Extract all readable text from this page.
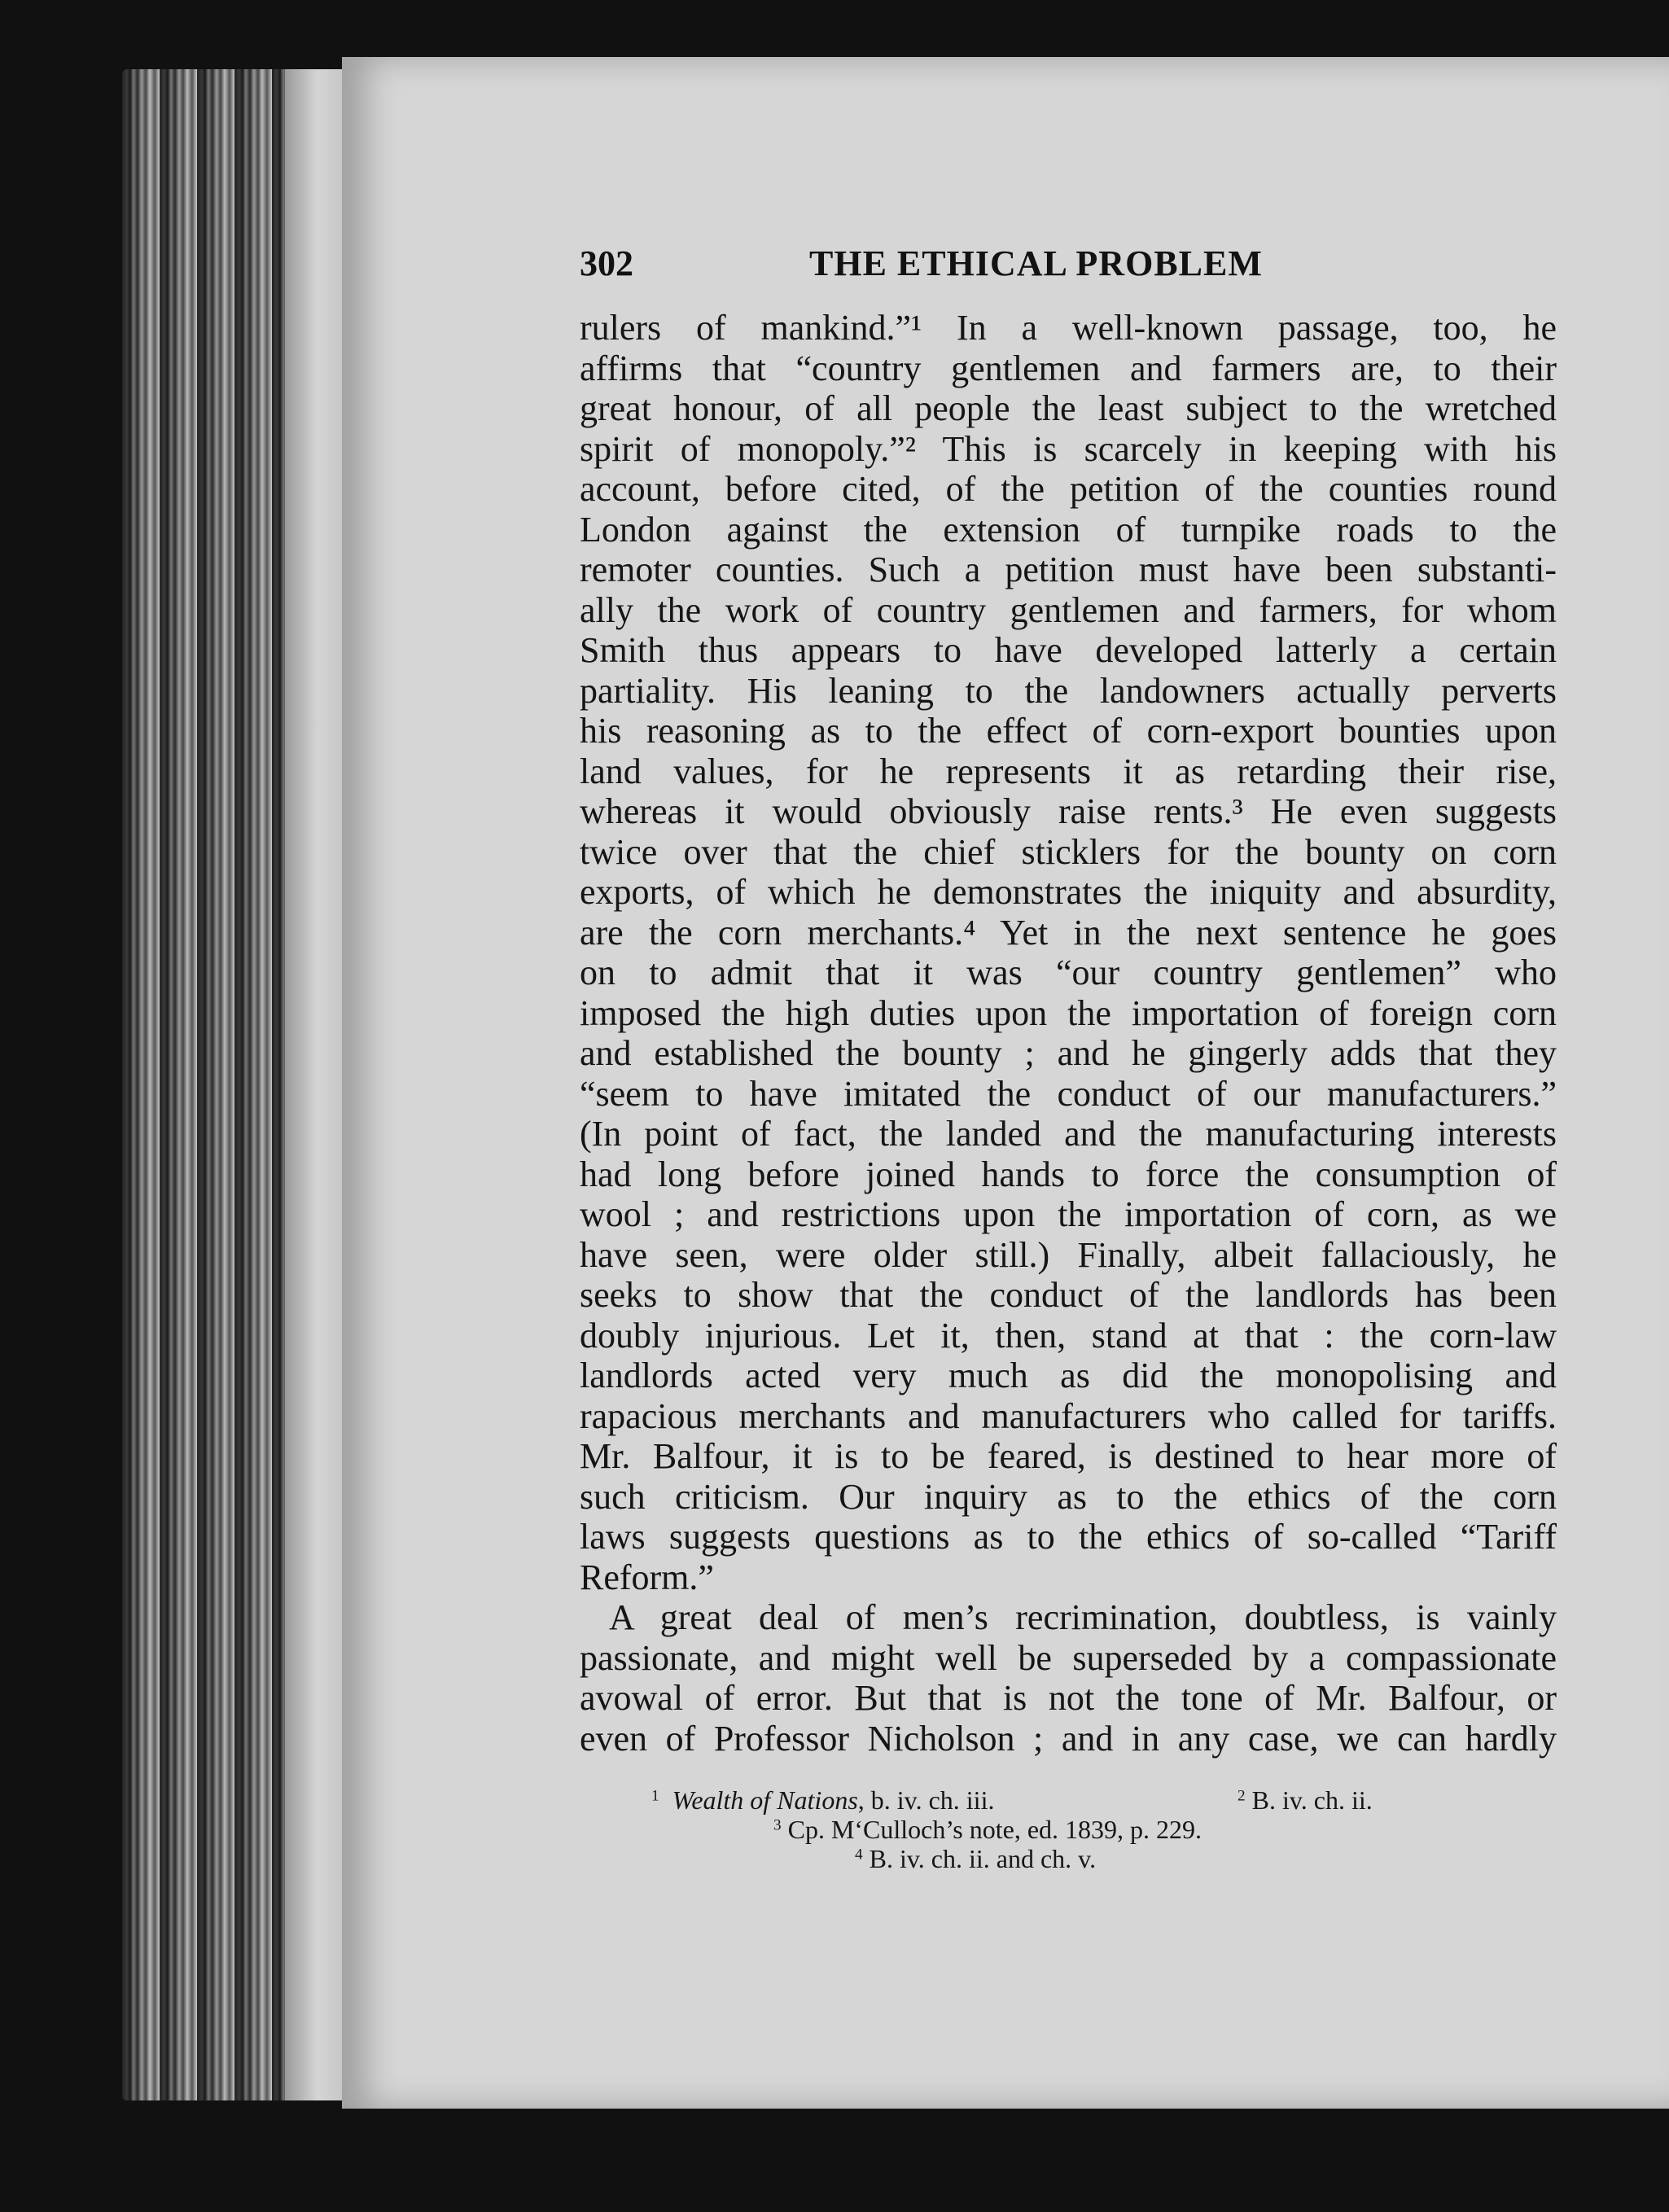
302	THE ETHICAL PROBLEM
rulers of mankind.”¹ In a well-known passage, too, he
affirms that “country gentlemen and farmers are, to their
great honour, of all people the least subject to the wretched
spirit of monopoly.”² This is scarcely in keeping with his
account, before cited, of the petition of the counties round
London against the extension of turnpike roads to the
remoter counties. Such a petition must have been substanti-
ally the work of country gentlemen and farmers, for whom
Smith thus appears to have developed latterly a certain
partiality. His leaning to the landowners actually perverts
his reasoning as to the effect of corn-export bounties upon
land values, for he represents it as retarding their rise,
whereas it would obviously raise rents.³ He even suggests
twice over that the chief sticklers for the bounty on corn
exports, of which he demonstrates the iniquity and absurdity,
are the corn merchants.⁴ Yet in the next sentence he goes
on to admit that it was “our country gentlemen” who
imposed the high duties upon the importation of foreign corn
and established the bounty ; and he gingerly adds that they
“seem to have imitated the conduct of our manufacturers.”
(In point of fact, the landed and the manufacturing interests
had long before joined hands to force the consumption of
wool ; and restrictions upon the importation of corn, as we
have seen, were older still.) Finally, albeit fallaciously, he
seeks to show that the conduct of the landlords has been
doubly injurious. Let it, then, stand at that : the corn-law
landlords acted very much as did the monopolising and
rapacious merchants and manufacturers who called for tariffs.
Mr. Balfour, it is to be feared, is destined to hear more of
such criticism. Our inquiry as to the ethics of the corn
laws suggests questions as to the ethics of so-called “Tariff
Reform.”
A great deal of men’s recrimination, doubtless, is vainly
passionate, and might well be superseded by a compassionate
avowal of error. But that is not the tone of Mr. Balfour, or
even of Professor Nicholson ; and in any case, we can hardly
$^1$ Wealth of Nations, b. iv. ch. iii.	$^2$ B. iv. ch. ii.
$^3$ Cp. M‘Culloch’s note, ed. 1839, p. 229.
$^4$ B. iv. ch. ii. and ch. v.
